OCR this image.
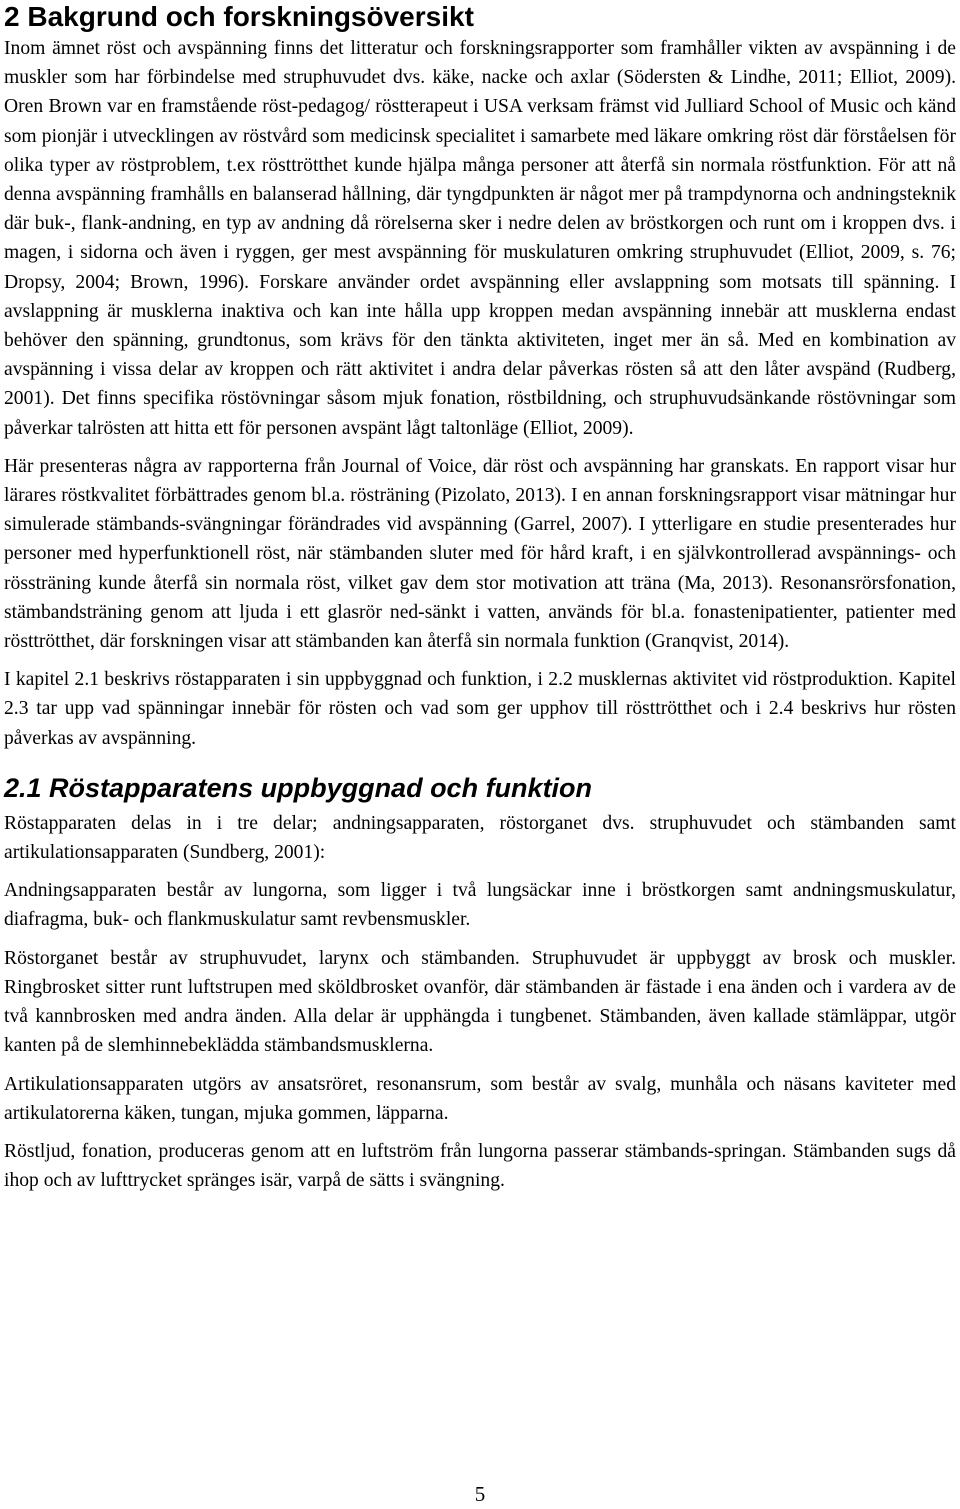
2 Bakgrund och forskningsöversikt

Inom ämnet röst och avspänning finns det litteratur och forskningsrapporter som framhåller vikten av avspänning i de muskler som har förbindelse med struphuvudet dvs. käke, nacke och axlar (Södersten & Lindhe, 2011; Elliot, 2009). Oren Brown var en framstående röst-pedagog/ röstterapeut i USA verksam främst vid Julliard School of Music och känd som pionjär i utvecklingen av röstvård som medicinsk specialitet i samarbete med läkare omkring röst där förståelsen för olika typer av röstproblem, t.ex rösttrötthet kunde hjälpa många personer att återfå sin normala röstfunktion. För att nå denna avspänning framhålls en balanserad hållning, där tyngdpunkten är något mer på trampdynorna och andningsteknik där buk-, flank-andning, en typ av andning då rörelserna sker i nedre delen av bröstkorgen och runt om i kroppen dvs. i magen, i sidorna och även i ryggen, ger mest avspänning för muskulaturen omkring struphuvudet (Elliot, 2009, s. 76; Dropsy, 2004; Brown, 1996). Forskare använder ordet avspänning eller avslappning som motsats till spänning. I avslappning är musklerna inaktiva och kan inte hålla upp kroppen medan avspänning innebär att musklerna endast behöver den spänning, grundtonus, som krävs för den tänkta aktiviteten, inget mer än så. Med en kombination av avspänning i vissa delar av kroppen och rätt aktivitet i andra delar påverkas rösten så att den låter avspänd (Rudberg, 2001). Det finns specifika röstövningar såsom mjuk fonation, röstbildning, och struphuvudsänkande röstövningar som påverkar talrösten att hitta ett för personen avspänt lågt taltonläge (Elliot, 2009).

Här presenteras några av rapporterna från Journal of Voice, där röst och avspänning har granskats. En rapport visar hur lärares röstkvalitet förbättrades genom bl.a. rösträning (Pizolato, 2013). I en annan forskningsrapport visar mätningar hur simulerade stämbands-svängningar förändrades vid avspänning (Garrel, 2007). I ytterligare en studie presenterades hur personer med hyperfunktionell röst, när stämbanden sluter med för hård kraft, i en självkontrollerad avspännings- och rössträning kunde återfå sin normala röst, vilket gav dem stor motivation att träna (Ma, 2013). Resonansrörsfonation, stämbandsträning genom att ljuda i ett glasrör ned-sänkt i vatten, används för bl.a. fonastenipatienter, patienter med rösttrötthet, där forskningen visar att stämbanden kan återfå sin normala funktion (Granqvist, 2014).

I kapitel 2.1 beskrivs röstapparaten i sin uppbyggnad och funktion, i 2.2 musklernas aktivitet vid röstproduktion. Kapitel 2.3 tar upp vad spänningar innebär för rösten och vad som ger upphov till rösttrötthet och i 2.4 beskrivs hur rösten påverkas av avspänning.

2.1 Röstapparatens uppbyggnad och funktion

Röstapparaten delas in i tre delar; andningsapparaten, röstorganet dvs. struphuvudet och stämbanden samt artikulationsapparaten (Sundberg, 2001):

Andningsapparaten består av lungorna, som ligger i två lungsäckar inne i bröstkorgen samt andningsmuskulatur, diafragma, buk- och flankmuskulatur samt revbensmuskler.

Röstorganet består av struphuvudet, larynx och stämbanden. Struphuvudet är uppbyggt av brosk och muskler. Ringbrosket sitter runt luftstrupen med sköldbrosket ovanför, där stämbanden är fästade i ena änden och i vardera av de två kannbrosken med andra änden. Alla delar är upphängda i tungbenet. Stämbanden, även kallade stämläppar, utgör kanten på de slemhinnebeklädda stämbandsmusklerna.

Artikulationsapparaten utgörs av ansatsröret, resonansrum, som består av svalg, munhåla och näsans kaviteter med artikulatorerna käken, tungan, mjuka gommen, läpparna.

Röstljud, fonation, produceras genom att en luftström från lungorna passerar stämbands-springan. Stämbanden sugs då ihop och av lufttrycket spränges isär, varpå de sätts i svängning.

5
